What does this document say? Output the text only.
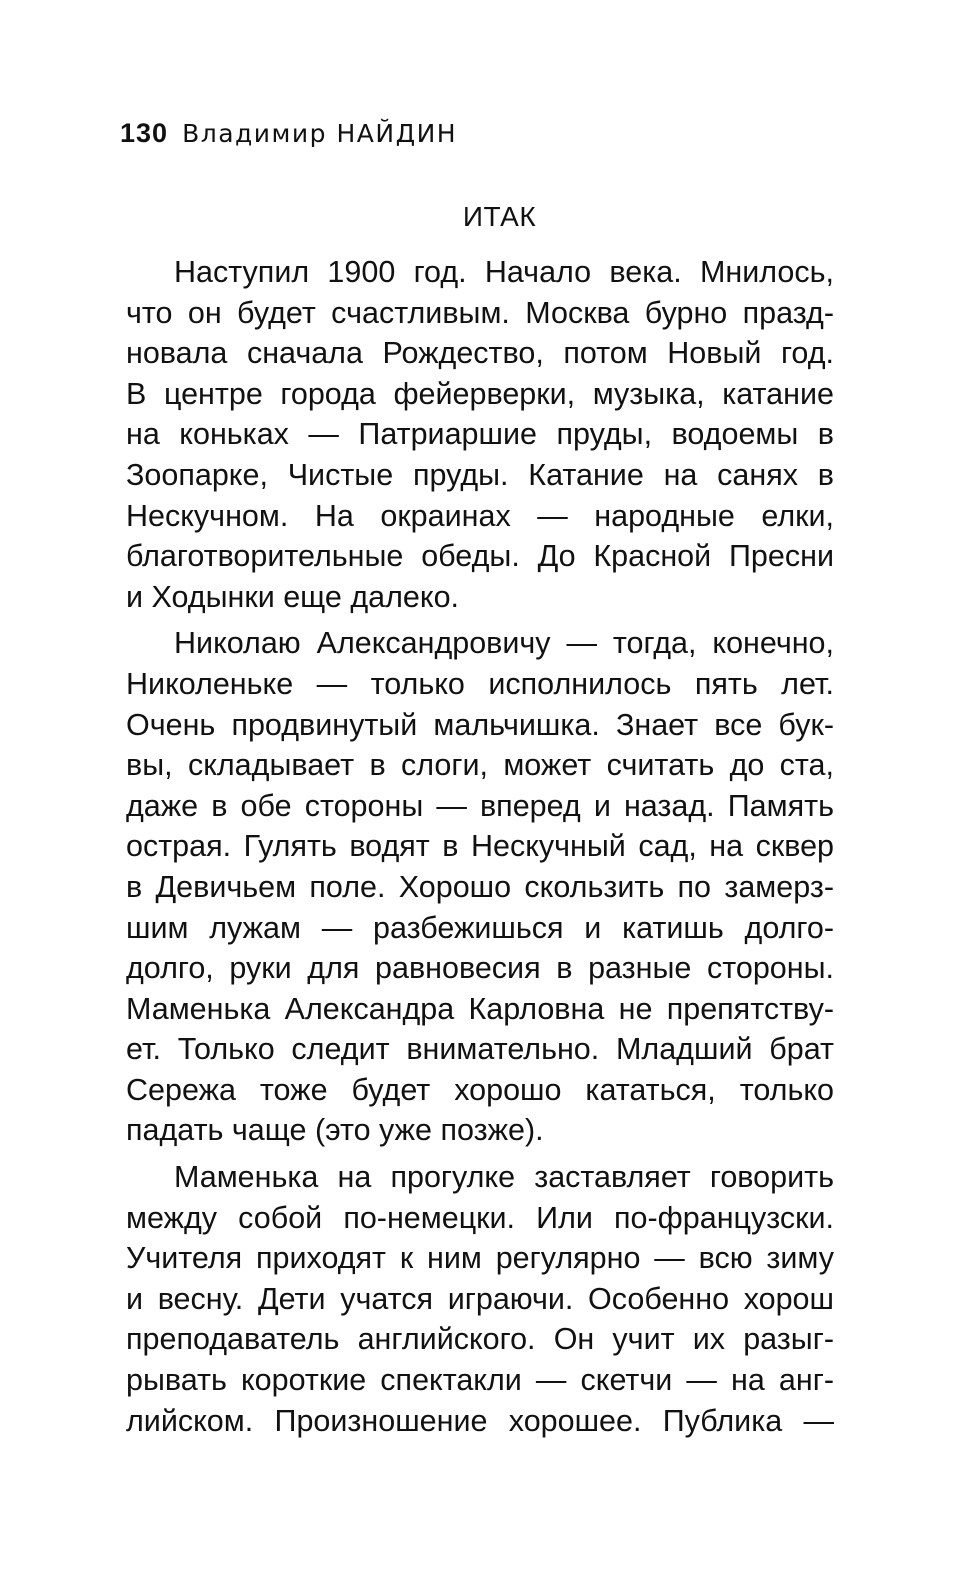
130 Владимир НАЙДИН
ИТАК
Наступил 1900 год. Начало века. Мнилось,
что он будет счастливым. Москва бурно празд-
новала сначала Рождество, потом Новый год.
В центре города фейерверки, музыка, катание
на коньках — Патриаршие пруды, водоемы в
Зоопарке, Чистые пруды. Катание на санях в
Нескучном. На окраинах — народные елки,
благотворительные обеды. До Красной Пресни
и Ходынки еще далеко.
Николаю Александровичу — тогда, конечно,
Николеньке — только исполнилось пять лет.
Очень продвинутый мальчишка. Знает все бук-
вы, складывает в слоги, может считать до ста,
даже в обе стороны — вперед и назад. Память
острая. Гулять водят в Нескучный сад, на сквер
в Девичьем поле. Хорошо скользить по замерз-
шим лужам — разбежишься и катишь долго-
долго, руки для равновесия в разные стороны.
Маменька Александра Карловна не препятству-
ет. Только следит внимательно. Младший брат
Сережа тоже будет хорошо кататься, только
падать чаще (это уже позже).
Маменька на прогулке заставляет говорить
между собой по-немецки. Или по-французски.
Учителя приходят к ним регулярно — всю зиму
и весну. Дети учатся играючи. Особенно хорош
преподаватель английского. Он учит их разыг-
рывать короткие спектакли — скетчи — на анг-
лийском. Произношение хорошее. Публика —
